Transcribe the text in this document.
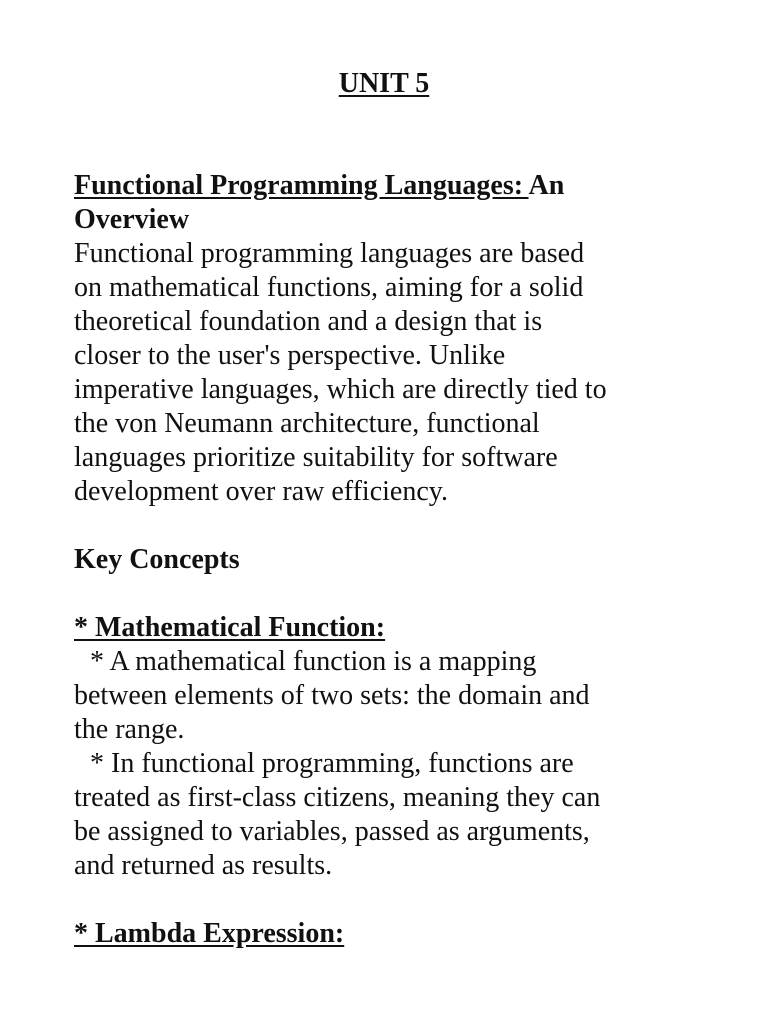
UNIT 5
Functional Programming Languages: An
Overview
Functional programming languages are based
on mathematical functions, aiming for a solid
theoretical foundation and a design that is
closer to the user's perspective. Unlike
imperative languages, which are directly tied to
the von Neumann architecture, functional
languages prioritize suitability for software
development over raw efficiency.
Key Concepts
* Mathematical Function:
* A mathematical function is a mapping
between elements of two sets: the domain and
the range.
* In functional programming, functions are
treated as first-class citizens, meaning they can
be assigned to variables, passed as arguments,
and returned as results.
* Lambda Expression:
